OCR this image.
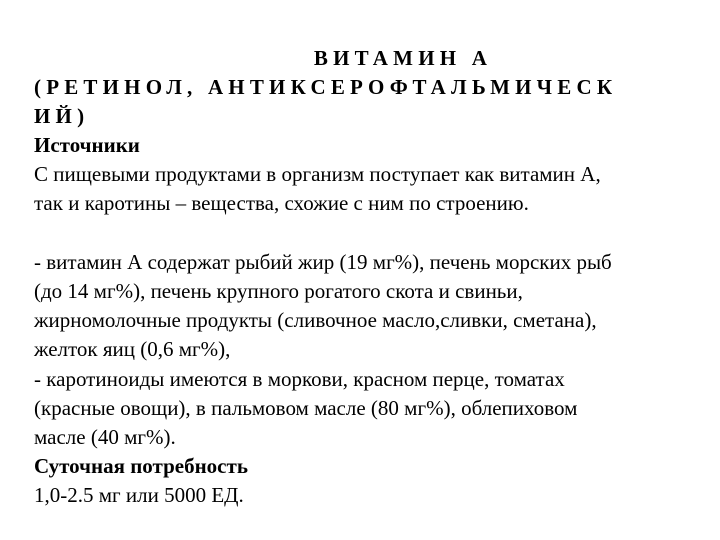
ВИТАМИН А
(РЕТИНОЛ, АНТИКСЕРОФТАЛЬМИЧЕСК
ИЙ)
Источники
С пищевыми продуктами в организм поступает как витамин А,
так и каротины – вещества, схожие с ним по строению.
- витамин А содержат рыбий жир (19 мг%), печень морских рыб
(до 14 мг%), печень крупного рогатого скота и свиньи,
жирномолочные продукты (сливочное масло,сливки, сметана),
желток яиц (0,6 мг%),
- каротиноиды имеются в моркови, красном перце, томатах
(красные овощи), в пальмовом масле (80 мг%), облепиховом
масле (40 мг%).
Суточная потребность
1,0-2.5 мг или 5000 ЕД.
